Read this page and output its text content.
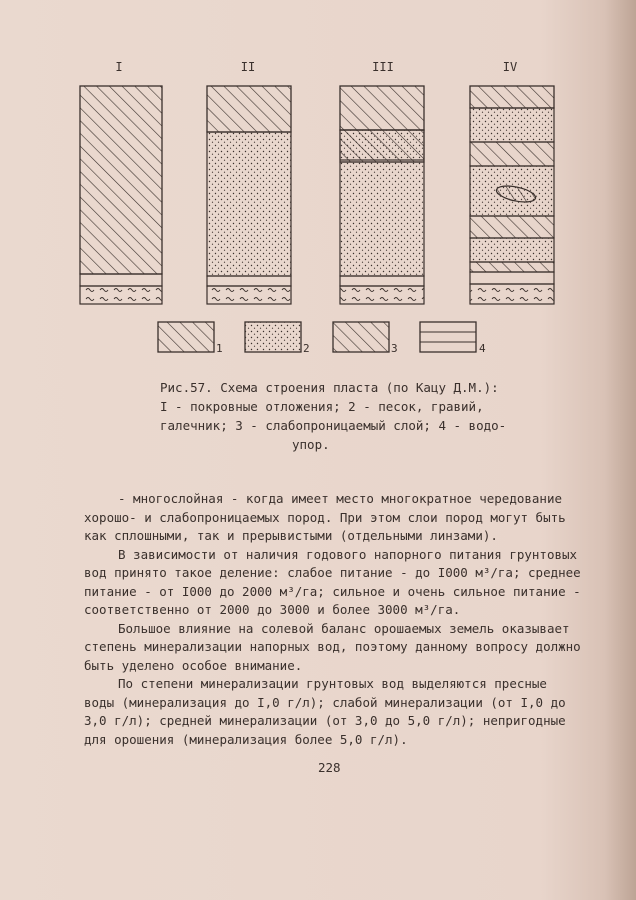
I	II	III	IV
1	2	3	4
Рис.57. Схема строения пласта (по Кацу Д.М.):
I - покровные отложения; 2 - песок, гравий,
галечник; 3 - слабопроницаемый слой; 4 - водо-
упор.

- многослойная - когда имеет место многократное чередование хорошо- и слабопроницаемых пород. При этом слои пород могут быть как сплошными, так и прерывистыми (отдельными линзами).

В зависимости от наличия годового напорного питания грунтовых вод принято такое деление: слабое питание - до I000 м³/га; среднее питание - от I000 до 2000 м³/га; сильное и очень сильное питание - соответственно от 2000 до 3000 и более 3000 м³/га.

Большое влияние на солевой баланс орошаемых земель оказывает степень минерализации напорных вод, поэтому данному вопросу должно быть уделено особое внимание.

По степени минерализации грунтовых вод выделяются пресные воды (минерализация до I,0 г/л); слабой минерализации (от I,0 до 3,0 г/л); средней минерализации (от 3,0 до 5,0 г/л); непригодные для орошения (минерализация более 5,0 г/л).

228
